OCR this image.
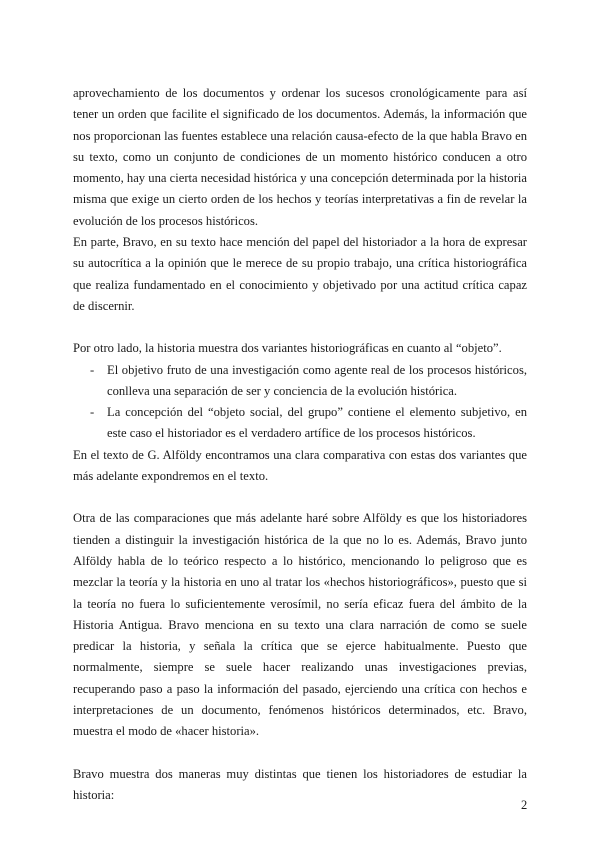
aprovechamiento de los documentos y ordenar los sucesos cronológicamente para así tener un orden que facilite el significado de los documentos. Además, la información que nos proporcionan las fuentes establece una relación causa-efecto de la que habla Bravo en su texto, como un conjunto de condiciones de un momento histórico conducen a otro momento, hay una cierta necesidad histórica y una concepción determinada por la historia misma que exige un cierto orden de los hechos y teorías interpretativas a fin de revelar la evolución de los procesos históricos.

En parte, Bravo, en su texto hace mención del papel del historiador a la hora de expresar su autocrítica a la opinión que le merece de su propio trabajo, una crítica historiográfica que realiza fundamentado en el conocimiento y objetivado por una actitud crítica capaz de discernir.

Por otro lado, la historia muestra dos variantes historiográficas en cuanto al “objeto”.

- El objetivo fruto de una investigación como agente real de los procesos históricos, conlleva una separación de ser y conciencia de la evolución histórica.
- La concepción del “objeto social, del grupo” contiene el elemento subjetivo, en este caso el historiador es el verdadero artífice de los procesos históricos.

En el texto de G. Alföldy encontramos una clara comparativa con estas dos variantes que más adelante expondremos en el texto.

Otra de las comparaciones que más adelante haré sobre Alföldy es que los historiadores tienden a distinguir la investigación histórica de la que no lo es. Además, Bravo junto Alföldy habla de lo teórico respecto a lo histórico, mencionando lo peligroso que es mezclar la teoría y la historia en uno al tratar los «hechos historiográficos», puesto que si la teoría no fuera lo suficientemente verosímil, no sería eficaz fuera del ámbito de la Historia Antigua. Bravo menciona en su texto una clara narración de como se suele predicar la historia, y señala la crítica que se ejerce habitualmente. Puesto que normalmente, siempre se suele hacer realizando unas investigaciones previas, recuperando paso a paso la información del pasado, ejerciendo una crítica con hechos e interpretaciones de un documento, fenómenos históricos determinados, etc. Bravo, muestra el modo de «hacer historia».

Bravo muestra dos maneras muy distintas que tienen los historiadores de estudiar la historia:

2
